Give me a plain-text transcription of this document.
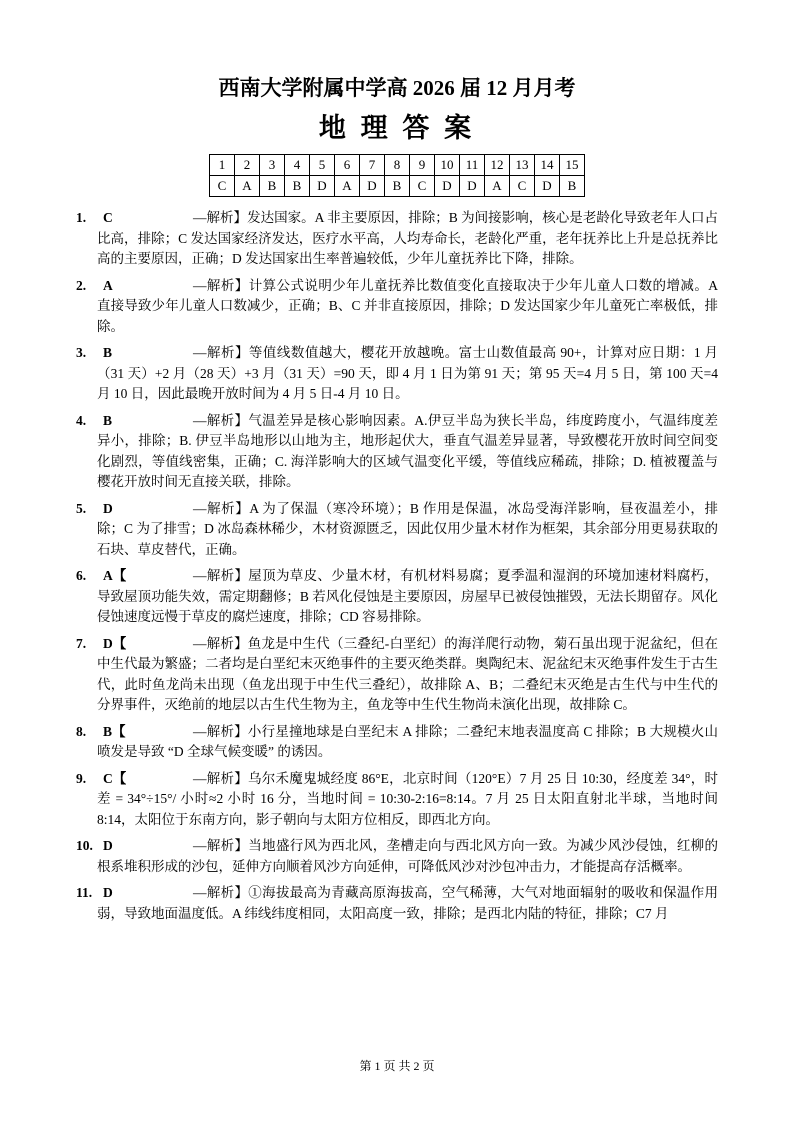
西南大学附属中学高 2026 届 12 月月考
地 理 答 案
1	2	3	4	5	6	7	8	9	10	11	12	13	14	15
C	A	B	B	D	A	D	B	C	D	D	A	C	D	B
1. C	—解析】发达国家。A 非主要原因，排除；B 为间接影响，核心是老龄化导致老年人口占比高，排除；C 发达国家经济发达，医疗水平高，人均寿命长，老龄化严重，老年抚养比上升是总抚养比高的主要原因，正确；D 发达国家出生率普遍较低，少年儿童抚养比下降，排除。
2. A	—解析】计算公式说明少年儿童抚养比数值变化直接取决于少年儿童人口数的增减。A 直接导致少年儿童人口数减少，正确；B、C 并非直接原因，排除；D 发达国家少年儿童死亡率极低，排除。
3. B	—解析】等值线数值越大，樱花开放越晚。富士山数值最高 90+，计算对应日期：1 月（31 天）+2 月（28 天）+3 月（31 天）=90 天，即 4 月 1 日为第 91 天；第 95 天=4 月 5 日，第 100 天=4 月 10 日，因此最晚开放时间为 4 月 5 日-4 月 10 日。
4. B	—解析】气温差异是核心影响因素。A.伊豆半岛为狭长半岛，纬度跨度小，气温纬度差异小，排除；B. 伊豆半岛地形以山地为主，地形起伏大，垂直气温差异显著，导致樱花开放时间空间变化剧烈，等值线密集，正确；C. 海洋影响大的区域气温变化平缓，等值线应稀疏，排除；D. 植被覆盖与樱花开放时间无直接关联，排除。
5. D	—解析】A 为了保温（寒冷环境）；B 作用是保温，冰岛受海洋影响，昼夜温差小，排除；C 为了排雪；D 冰岛森林稀少，木材资源匮乏，因此仅用少量木材作为框架，其余部分用更易获取的石块、草皮替代，正确。
6. A【	—解析】屋顶为草皮、少量木材，有机材料易腐；夏季温和湿润的环境加速材料腐朽，导致屋顶功能失效，需定期翻修；B 若风化侵蚀是主要原因，房屋早已被侵蚀摧毁，无法长期留存。风化侵蚀速度远慢于草皮的腐烂速度，排除；CD 容易排除。
7. D【	—解析】鱼龙是中生代（三叠纪-白垩纪）的海洋爬行动物，菊石虽出现于泥盆纪，但在中生代最为繁盛；二者均是白垩纪末灭绝事件的主要灭绝类群。奥陶纪末、泥盆纪末灭绝事件发生于古生代，此时鱼龙尚未出现（鱼龙出现于中生代三叠纪），故排除 A、B；二叠纪末灭绝是古生代与中生代的分界事件，灭绝前的地层以古生代生物为主，鱼龙等中生代生物尚未演化出现，故排除 C。
8. B【	—解析】小行星撞地球是白垩纪末 A 排除；二叠纪末地表温度高 C 排除；B 大规模火山喷发是导致 “D 全球气候变暖” 的诱因。
9. C【	—解析】乌尔禾魔鬼城经度 86°E，北京时间（120°E）7 月 25 日 10:30，经度差 34°，时差 = 34°÷15°/ 小时≈2 小时 16 分，当地时间 = 10:30-2:16=8:14。7 月 25 日太阳直射北半球，当地时间 8:14，太阳位于东南方向，影子朝向与太阳方位相反，即西北方向。
10. D	—解析】当地盛行风为西北风，垄槽走向与西北风方向一致。为减少风沙侵蚀，红柳的根系堆积形成的沙包，延伸方向顺着风沙方向延伸，可降低风沙对沙包冲击力，才能提高存活概率。
11. D	—解析】①海拔最高为青藏高原海拔高，空气稀薄，大气对地面辐射的吸收和保温作用弱，导致地面温度低。A 纬线纬度相同，太阳高度一致，排除；是西北内陆的特征，排除；C7 月
第 1 页 共 2 页
